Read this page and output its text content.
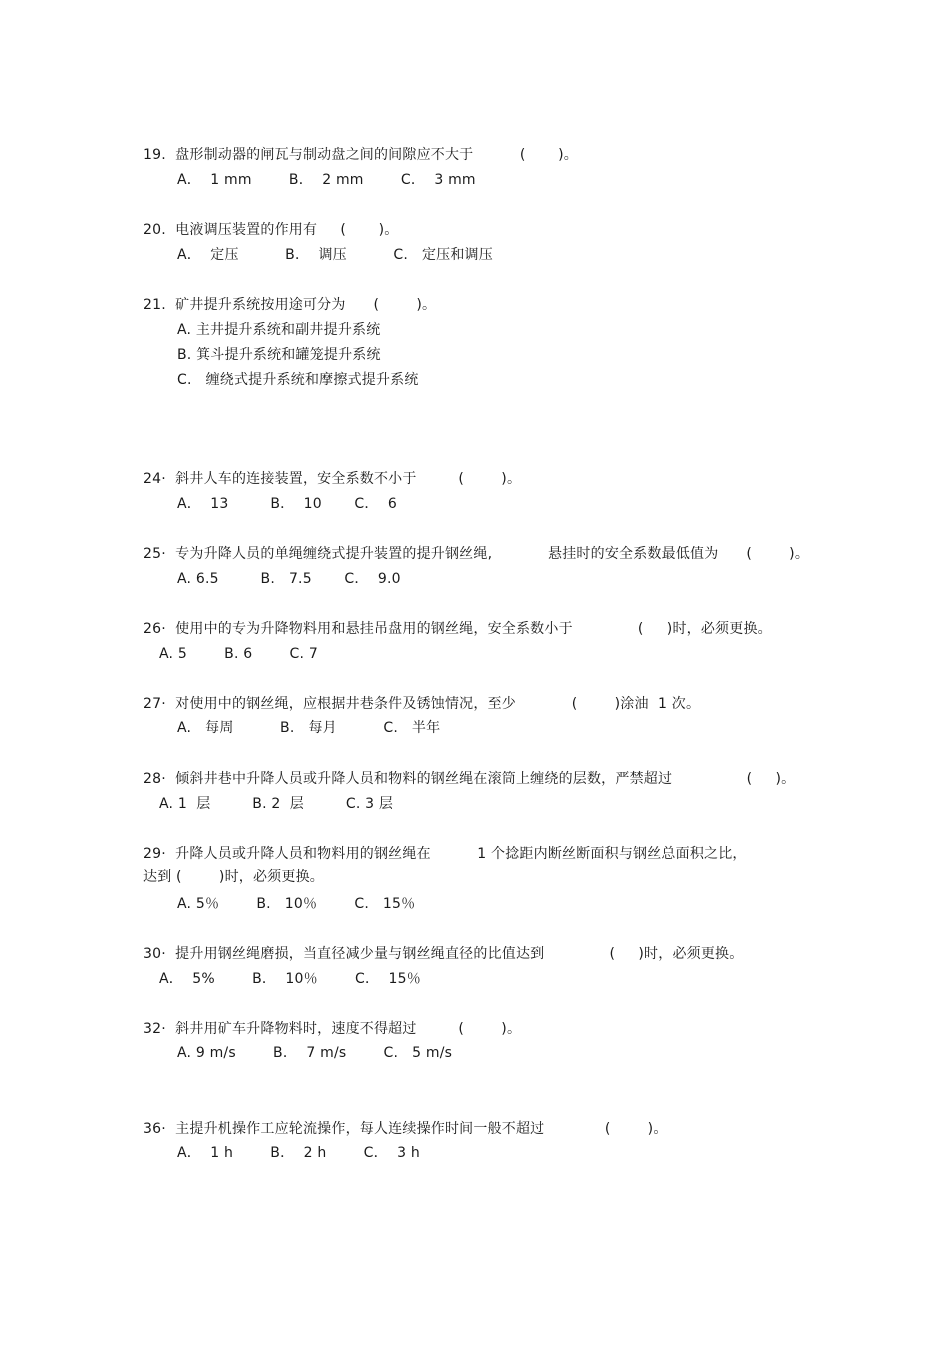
19.  盘形制动器的闸瓦与制动盘之间的间隙应不大于          (       )。
A．  1 mm        B．  2 mm        C．  3 mm
20.  电液调压装置的作用有     (       )。
A．  定压          B．  调压          C.   定压和调压
21.  矿井提升系统按用途可分为      (        )。
A. 主井提升系统和副井提升系统
B. 箕斗提升系统和罐笼提升系统
C.   缠绕式提升系统和摩擦式提升系统
24·  斜井人车的连接装置，安全系数不小于         (        )。
A．  13         B．  10       C．  6
25·  专为升降人员的单绳缠绕式提升装置的提升钢丝绳,            悬挂时的安全系数最低值为      (        )。
A. 6.5         B.   7.5       C．  9.0
26·  使用中的专为升降物料用和悬挂吊盘用的钢丝绳，安全系数小于              (     )时，必须更换。
A. 5        B. 6        C. 7
27·  对使用中的钢丝绳，应根据井巷条件及锈蚀情况，至少            (        )涂油  1 次。
A.   每周          B.   每月          C.   半年
28·  倾斜井巷中升降人员或升降人员和物料的钢丝绳在滚筒上缠绕的层数，严禁超过                (     )。
A. 1  层         B. 2  层         C. 3 层
29·  升降人员或升降人员和物料用的钢丝绳在          1 个捻距内断丝断面积与钢丝总面积之比，
达到 (        )时，必须更换。
A. 5％        B.   10％        C.   15％
30·  提升用钢丝绳磨损，当直径减少量与钢丝绳直径的比值达到              (     )时，必须更换。
A．  5%        B．  10％        C．  15％
32·  斜井用矿车升降物料时，速度不得超过         (        )。
A. 9 m/s        B．  7 m/s        C.   5 m/s
36·  主提升机操作工应轮流操作，每人连续操作时间一般不超过             (        )。
A．  1 h        B．  2 h        C．  3 h
